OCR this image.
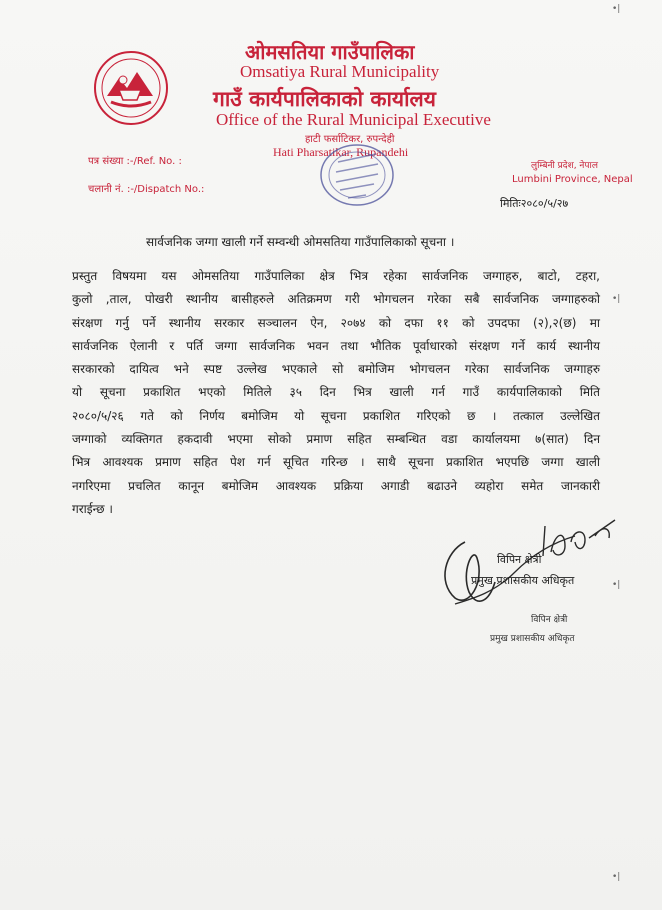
ओमसतिया गाउँपालिका
Omsatiya Rural Municipality
गाउँ कार्यपालिकाको कार्यालय
Office of the Rural Municipal Executive
हाटी फर्साटिकर, रुपन्देही
Hati Pharsatikar, Rupandehi
पत्र संख्या :-/Ref. No. :
चलानी नं. :-/Dispatch No.:
लुम्बिनी प्रदेश, नेपाल
Lumbini Province, Nepal
मितिः२०८०/५/२७
सार्वजनिक जग्गा खाली गर्ने सम्वन्धी ओमसतिया गाउँपालिकाको सूचना ।
प्रस्तुत विषयमा यस ओमसतिया गाउँपालिका क्षेत्र भित्र रहेका सार्वजनिक जग्गाहरु, बाटो, टहरा,
कुलो ,ताल, पोखरी स्थानीय बासीहरुले अतिक्रमण गरी भोगचलन गरेका सबै सार्वजनिक जग्गाहरुको
संरक्षण गर्नु पर्ने स्थानीय सरकार सञ्चालन ऐन, २०७४ को दफा ११ को उपदफा (२),२(छ) मा
सार्वजनिक ऐलानी र पर्ति जग्गा सार्वजनिक भवन तथा भौतिक पूर्वाधारको संरक्षण गर्ने कार्य स्थानीय
सरकारको दायित्व भने स्पष्ट उल्लेख भएकाले सो बमोजिम भोगचलन गरेका सार्वजनिक जग्गाहरु
यो सूचना प्रकाशित भएको मितिले ३५ दिन भित्र खाली गर्न गाउँ कार्यपालिकाको मिति
२०८०/५/२६ गते को निर्णय बमोजिम यो सूचना प्रकाशित गरिएको छ । तत्काल उल्लेखित
जग्गाको व्यक्तिगत हकदावी भएमा सोको प्रमाण सहित सम्बन्धित वडा कार्यालयमा ७(सात) दिन
भित्र आवश्यक प्रमाण सहित पेश गर्न सूचित गरिन्छ । साथै सूचना प्रकाशित भएपछि जग्गा खाली
नगरिएमा प्रचलित कानून बमोजिम आवश्यक प्रक्रिया अगाडी बढाउने व्यहोरा समेत जानकारी
गराईन्छ ।
विपिन क्षेत्री
प्रमुख प्रशासकीय अधिकृत
विपिन क्षेत्री
प्रमुख प्रशासकीय अधिकृत
•|
•|
•|
•|
